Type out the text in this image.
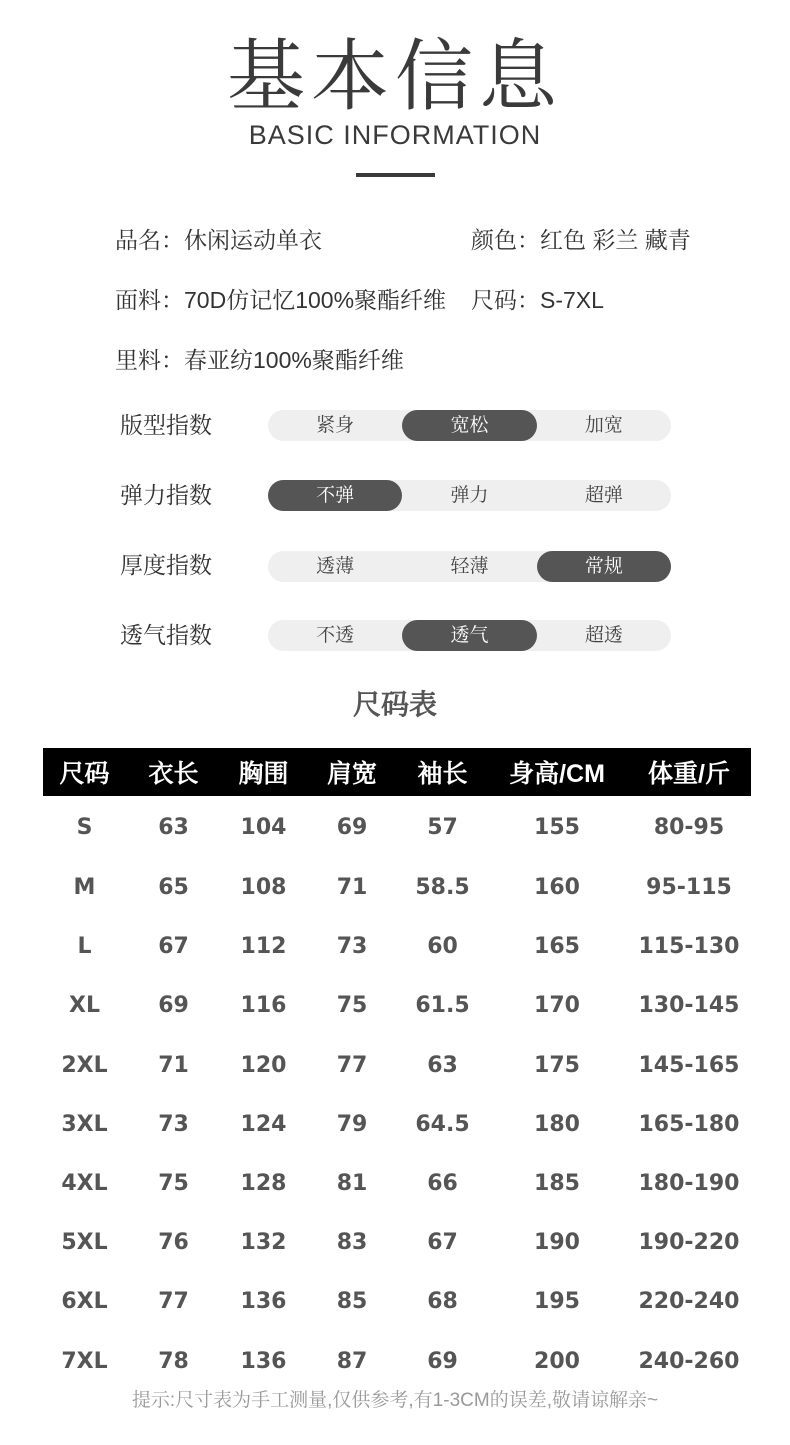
基本信息
BASIC INFORMATION
品名：休闲运动单衣	颜色：红色 彩兰 藏青
面料：70D仿记忆100%聚酯纤维 尺码：S-7XL
里料：春亚纺100%聚酯纤维
版型指数	紧身	宽松	加宽
弹力指数	不弹	弹力	超弹
厚度指数	透薄	轻薄	常规
透气指数	不透	透气	超透
尺码表
尺码	衣长	胸围	肩宽	袖长	身高/CM	体重/斤
S	63	104	69	57	155	80-95
M	65	108	71	58.5	160	95-115
L	67	112	73	60	165	115-130
XL	69	116	75	61.5	170	130-145
2XL	71	120	77	63	175	145-165
3XL	73	124	79	64.5	180	165-180
4XL	75	128	81	66	185	180-190
5XL	76	132	83	67	190	190-220
6XL	77	136	85	68	195	220-240
7XL	78	136	87	69	200	240-260
提示:尺寸表为手工测量,仅供参考,有1-3CM的误差,敬请谅解亲~
